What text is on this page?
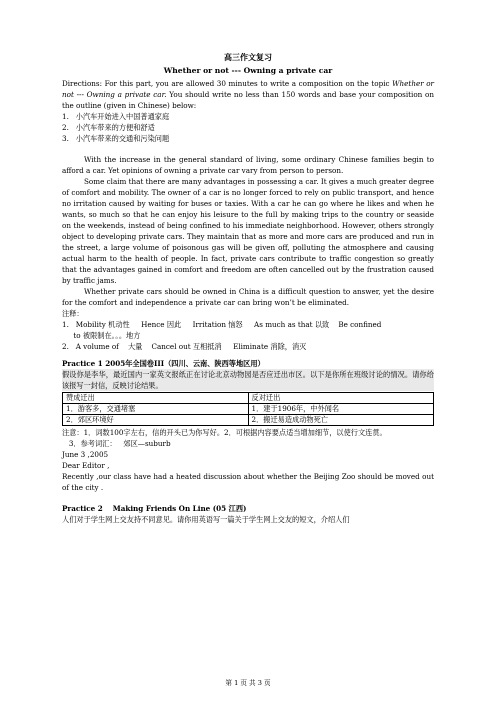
高三作文复习

Whether or not --- Owning a private car

Directions: For this part, you are allowed 30 minutes to write a composition on the topic Whether or not --- Owning a private car. You should write no less than 150 words and base your composition on the outline (given in Chinese) below:

1.   小汽车开始进入中国普通家庭
2.   小汽车带来的方便和舒适
3.   小汽车带来的交通和污染问题

With the increase in the general standard of living, some ordinary Chinese families begin to afford a car. Yet opinions of owning a private car vary from person to person.

Some claim that there are many advantages in possessing a car. It gives a much greater degree of comfort and mobility. The owner of a car is no longer forced to rely on public transport, and hence no irritation caused by waiting for buses or taxies. With a car he can go where he likes and when he wants, so much so that he can enjoy his leisure to the full by making trips to the country or seaside on the weekends, instead of being confined to his immediate neighborhood. However, others strongly object to developing private cars. They maintain that as more and more cars are produced and run in the street, a large volume of poisonous gas will be given off, polluting the atmosphere and causing actual harm to the health of people. In fact, private cars contribute to traffic congestion so greatly that the advantages gained in comfort and freedom are often cancelled out by the frustration caused by traffic jams.

Whether private cars should be owned in China is a difficult question to answer, yet the desire for the comfort and independence a private car can bring won’t be eliminated.

注释：

1.   Mobility 机动性     Hence 因此     Irritation 恼怒     As much as that 以致    Be confined

to 被限制在。。。地方

2.   A volume of    大量    Cancel out 互相抵消     Eliminate 消除，消灭

Practice 1 2005年全国卷III（四川、云南、陕西等地区用）

假设你是李华，最近国内一家英文报纸正在讨论北京动物园是否应迁出市区。以下是你所在班级讨论的情况。请你给该报写一封信，反映讨论结果。

赞成迁出	反对迁出
1．游客多，交通堵塞	1．建于1906年，中外闻名
2．郊区环境好	2．搬迁易造成动物死亡

注意：1．词数100字左右，信的开头已为你写好。2．可根据内容要点适当增加细节，以使行文连贯。

3．参考词汇：   郊区—suburb

June 3 ,2005

Dear Editor ,

Recently ,our class have had a heated discussion about whether the Beijing Zoo should be moved out of the city .

Practice 2    Making Friends On Line (05 江西)

人们对于学生网上交友持不同意见。请你用英语写一篇关于学生网上交友的短文，介绍人们

第 1 页 共 3 页
